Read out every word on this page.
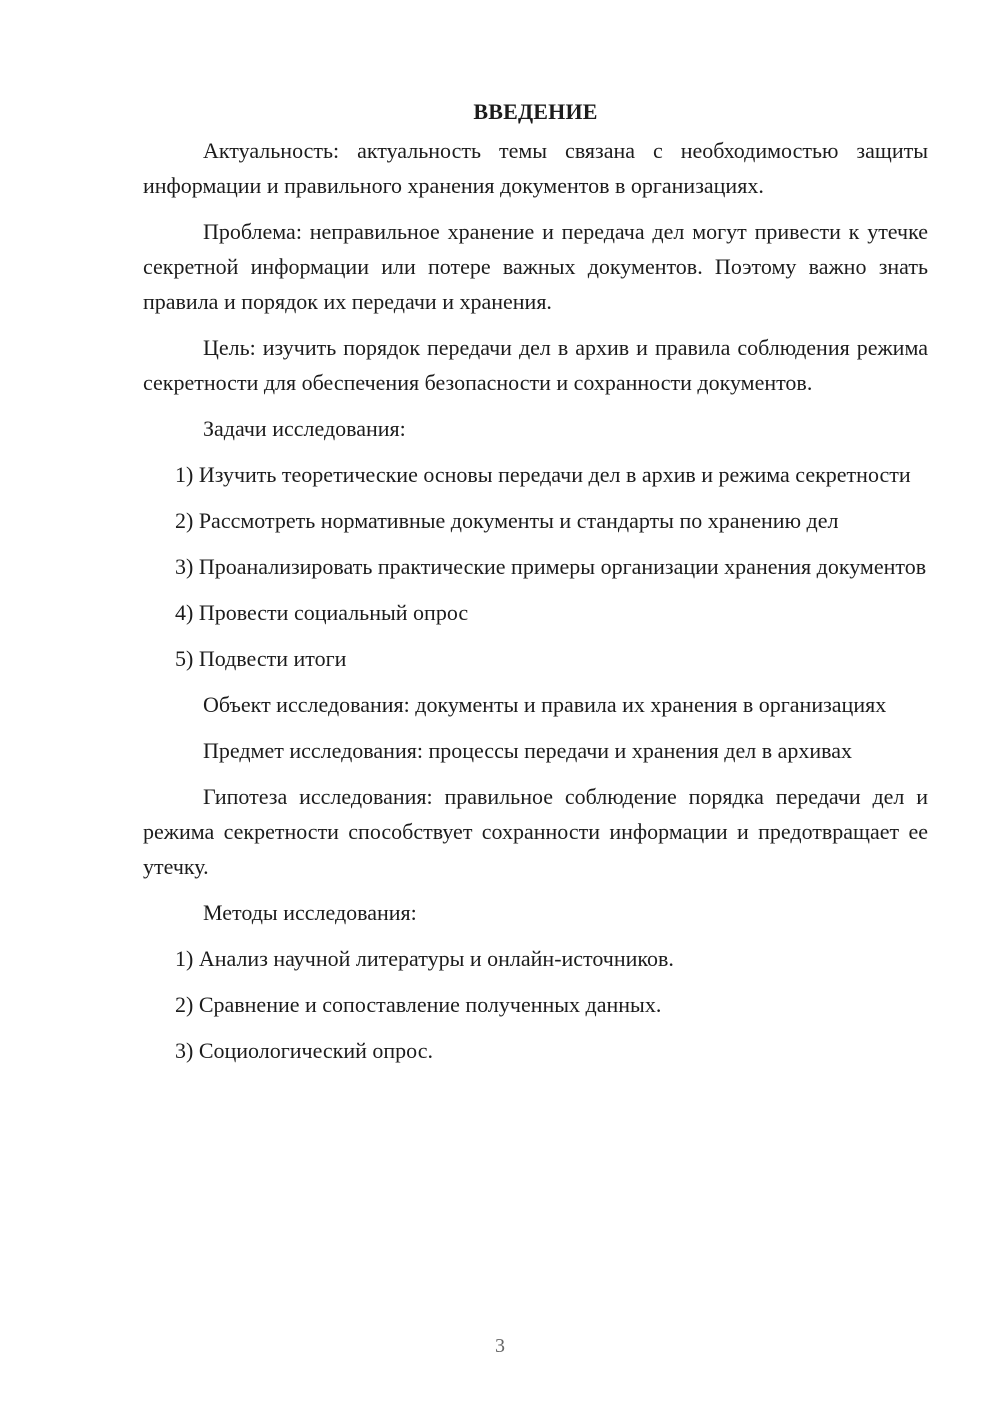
ВВЕДЕНИЕ

Актуальность: актуальность темы связана с необходимостью защиты информации и правильного хранения документов в организациях.

Проблема: неправильное хранение и передача дел могут привести к утечке секретной информации или потере важных документов. Поэтому важно знать правила и порядок их передачи и хранения.

Цель: изучить порядок передачи дел в архив и правила соблюдения режима секретности для обеспечения безопасности и сохранности документов.

Задачи исследования:

1) Изучить теоретические основы передачи дел в архив и режима секретности

2) Рассмотреть нормативные документы и стандарты по хранению дел

3) Проанализировать практические примеры организации хранения документов

4) Провести социальный опрос

5) Подвести итоги

Объект исследования: документы и правила их хранения в организациях

Предмет исследования: процессы передачи и хранения дел в архивах

Гипотеза исследования: правильное соблюдение порядка передачи дел и режима секретности способствует сохранности информации и предотвращает ее утечку.

Методы исследования:

1) Анализ научной литературы и онлайн-источников.

2) Сравнение и сопоставление полученных данных.

3) Социологический опрос.

3
